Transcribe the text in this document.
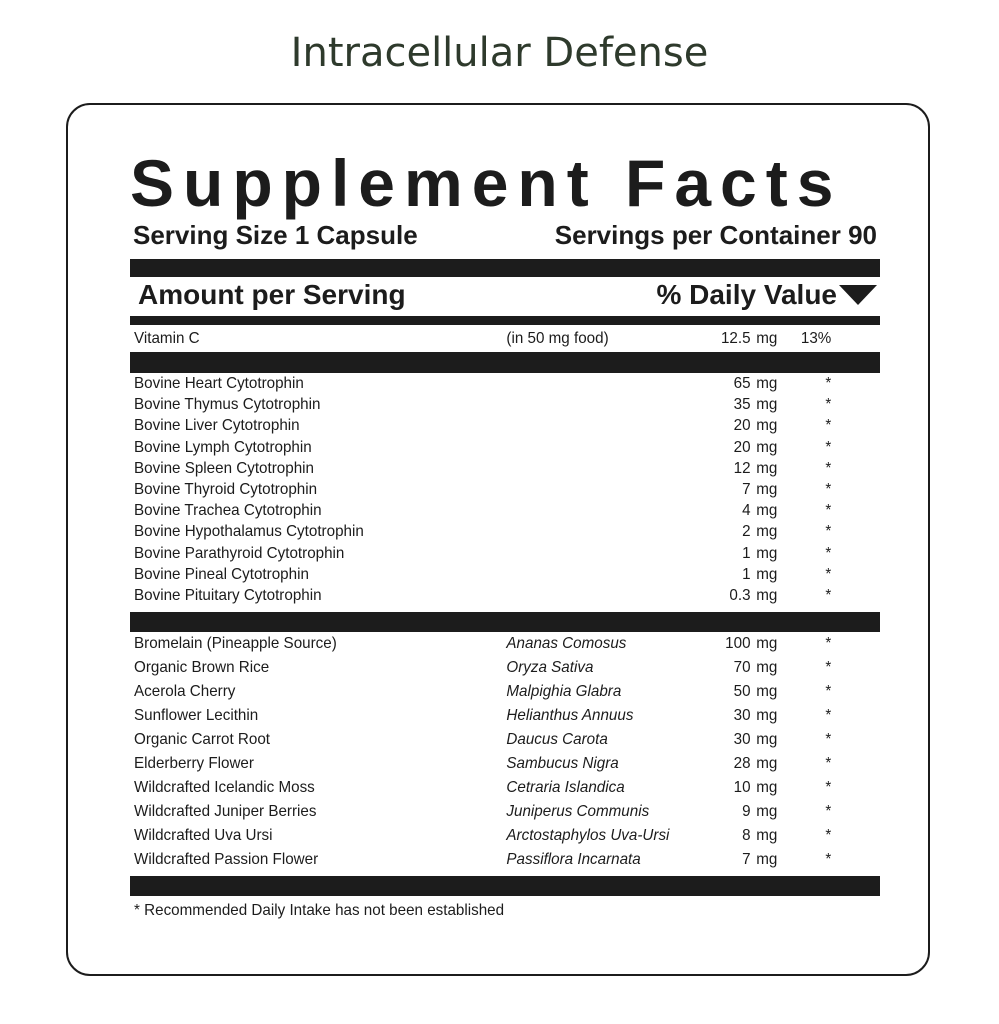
Intracellular Defense
Supplement Facts
Serving Size 1 Capsule	Servings per Container 90
Amount per Serving	% Daily Value
Vitamin C	(in 50 mg food)	12.5 mg 13%
Bovine Heart Cytotrophin	65 mg	*
Bovine Thymus Cytotrophin	35 mg	*
Bovine Liver Cytotrophin	20 mg	*
Bovine Lymph Cytotrophin	20 mg	*
Bovine Spleen Cytotrophin	12 mg	*
Bovine Thyroid Cytotrophin	7 mg	*
Bovine Trachea Cytotrophin	4 mg	*
Bovine Hypothalamus Cytotrophin	2 mg	*
Bovine Parathyroid Cytotrophin	1 mg	*
Bovine Pineal Cytotrophin	1 mg	*
Bovine Pituitary Cytotrophin	0.3 mg	*
Bromelain (Pineapple Source)	Ananas Comosus	100 mg	*
Organic Brown Rice	Oryza Sativa	70 mg	*
Acerola Cherry	Malpighia Glabra	50 mg	*
Sunflower Lecithin	Helianthus Annuus	30 mg	*
Organic Carrot Root	Daucus Carota	30 mg	*
Elderberry Flower	Sambucus Nigra	28 mg	*
Wildcrafted Icelandic Moss	Cetraria Islandica	10 mg	*
Wildcrafted Juniper Berries	Juniperus Communis	9 mg	*
Wildcrafted Uva Ursi	Arctostaphylos Uva-Ursi	8 mg	*
Wildcrafted Passion Flower	Passiflora Incarnata	7 mg	*
* Recommended Daily Intake has not been established
